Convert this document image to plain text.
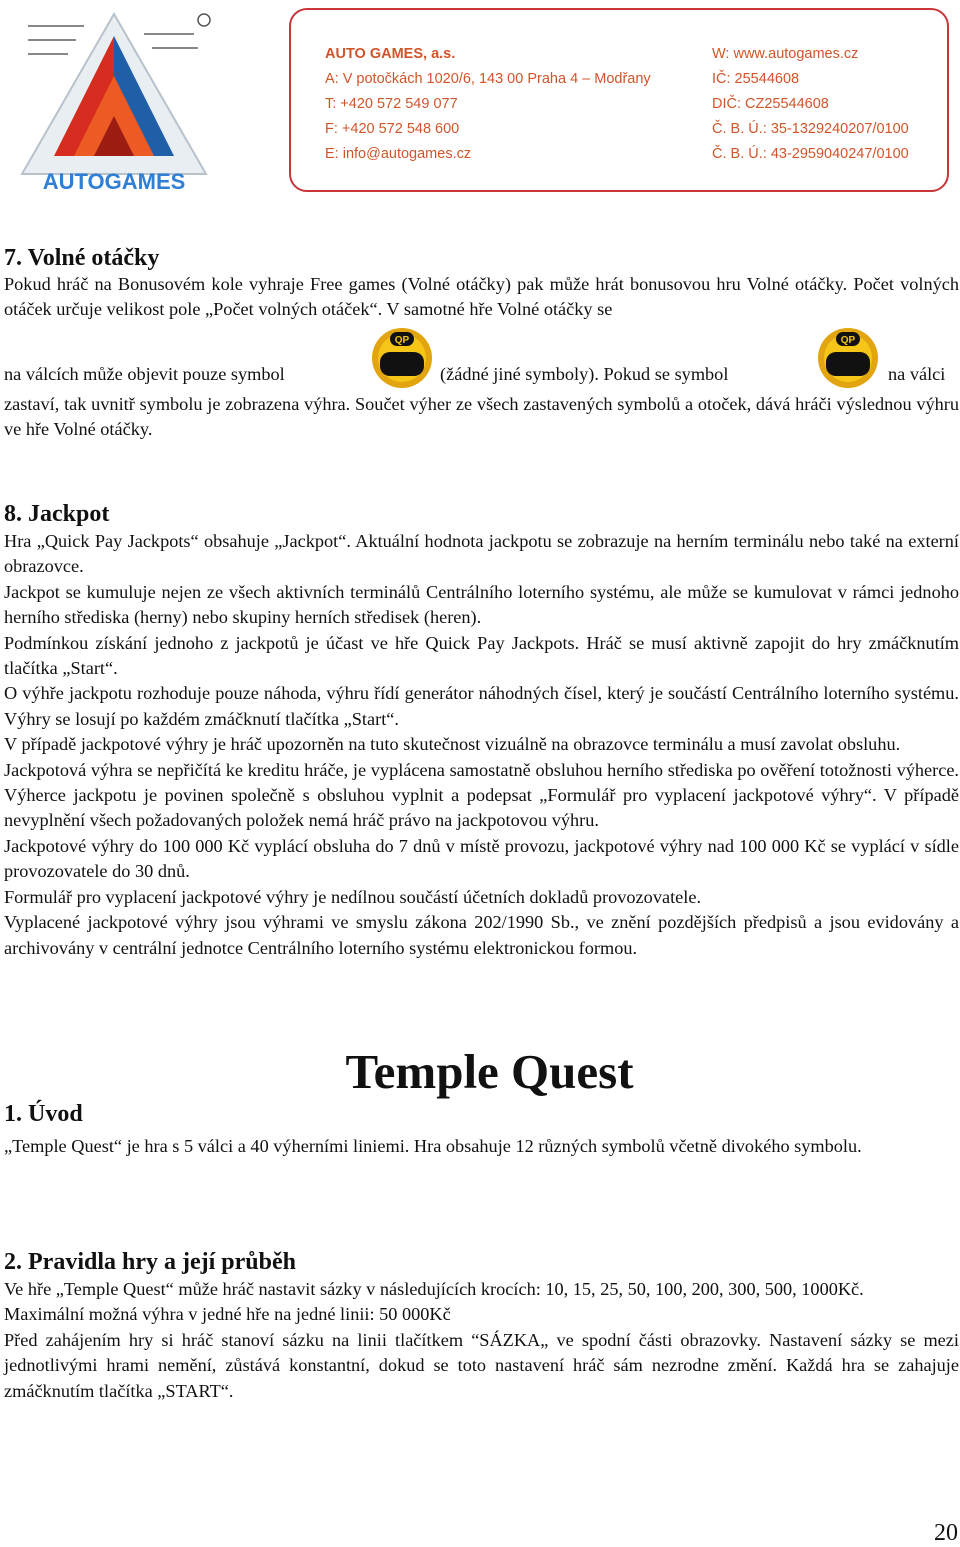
AUTOGAMES
AUTO GAMES, a.s.
A: V potočkách 1020/6, 143 00 Praha 4 – Modřany
T: +420 572 549 077
F: +420 572 548 600
E: info@autogames.cz
W: www.autogames.cz
IČ: 25544608
DIČ: CZ25544608
Č. B. Ú.: 35-1329240207/0100
Č. B. Ú.: 43-2959040247/0100
7. Volné otáčky

Pokud hráč na Bonusovém kole vyhraje Free games (Volné otáčky) pak může hrát bonusovou hru Volné otáčky. Počet volných otáček určuje velikost pole „Počet volných otáček“. V samotné hře Volné otáčky se

na válcích může objevit pouze symbol
QP
(žádné jiné symboly). Pokud se symbol
QP
na válci

zastaví, tak uvnitř symbolu je zobrazena výhra. Součet výher ze všech zastavených symbolů a otoček, dává hráči výslednou výhru ve hře Volné otáčky.

8. Jackpot

Hra „Quick Pay Jackpots“ obsahuje „Jackpot“. Aktuální hodnota jackpotu se zobrazuje na herním terminálu nebo také na externí obrazovce.

Jackpot se kumuluje nejen ze všech aktivních terminálů Centrálního loterního systému, ale může se kumulovat v rámci jednoho herního střediska (herny) nebo skupiny herních středisek (heren).

Podmínkou získání jednoho z jackpotů je účast ve hře Quick Pay Jackpots. Hráč se musí aktivně zapojit do hry zmáčknutím tlačítka „Start“.

O výhře jackpotu rozhoduje pouze náhoda, výhru řídí generátor náhodných čísel, který je součástí Centrálního loterního systému. Výhry se losují po každém zmáčknutí tlačítka „Start“.

V případě jackpotové výhry je hráč upozorněn na tuto skutečnost vizuálně na obrazovce terminálu a musí zavolat obsluhu.

Jackpotová výhra se nepřičítá ke kreditu hráče, je vyplácena samostatně obsluhou herního střediska po ověření totožnosti výherce. Výherce jackpotu je povinen společně s obsluhou vyplnit a podepsat „Formulář pro vyplacení jackpotové výhry“. V případě nevyplnění všech požadovaných položek nemá hráč právo na jackpotovou výhru.

Jackpotové výhry do 100 000 Kč vyplácí obsluha do 7 dnů v místě provozu, jackpotové výhry nad 100 000 Kč se vyplácí v sídle provozovatele do 30 dnů.

Formulář pro vyplacení jackpotové výhry je nedílnou součástí účetních dokladů provozovatele.

Vyplacené jackpotové výhry jsou výhrami ve smyslu zákona 202/1990 Sb., ve znění pozdějších předpisů a jsou evidovány a archivovány v centrální jednotce Centrálního loterního systému elektronickou formou.

Temple Quest
1. Úvod

„Temple Quest“ je hra s 5 válci a 40 výherními liniemi. Hra obsahuje 12 různých symbolů včetně divokého symbolu.

2. Pravidla hry a její průběh

Ve hře „Temple Quest“ může hráč nastavit sázky v následujících krocích: 10, 15, 25, 50, 100, 200, 300, 500, 1000Kč.

Maximální možná výhra v jedné hře na jedné linii: 50 000Kč

Před zahájením hry si hráč stanoví sázku na linii tlačítkem “SÁZKA„ ve spodní části obrazovky. Nastavení sázky se mezi jednotlivými hrami nemění, zůstává konstantní, dokud se toto nastavení hráč sám nezrodne změní. Každá hra se zahajuje zmáčknutím tlačítka „START“.

20
